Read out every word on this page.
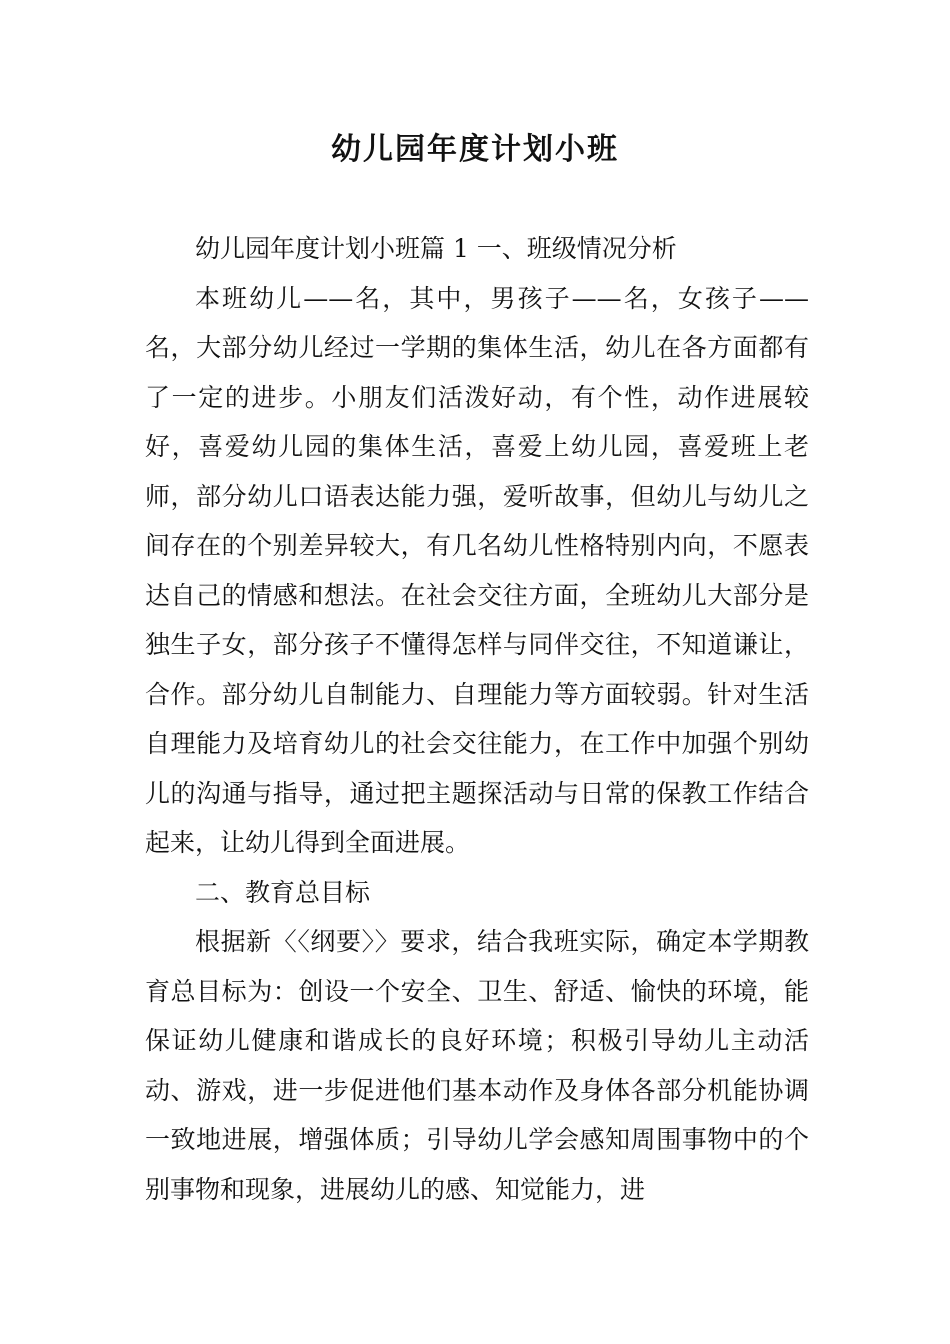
幼儿园年度计划小班

幼儿园年度计划小班篇 1 一、班级情况分析

本班幼儿——名，其中，男孩子——名，女孩子——名，大部分幼儿经过一学期的集体生活，幼儿在各方面都有了一定的进步。小朋友们活泼好动，有个性，动作进展较好，喜爱幼儿园的集体生活，喜爱上幼儿园，喜爱班上老师，部分幼儿口语表达能力强，爱听故事，但幼儿与幼儿之间存在的个别差异较大，有几名幼儿性格特别内向，不愿表达自己的情感和想法。在社会交往方面，全班幼儿大部分是独生子女，部分孩子不懂得怎样与同伴交往，不知道谦让，合作。部分幼儿自制能力、自理能力等方面较弱。针对生活自理能力及培育幼儿的社会交往能力，在工作中加强个别幼儿的沟通与指导，通过把主题探活动与日常的保教工作结合起来，让幼儿得到全面进展。

二、教育总目标

根据新〈〈纲要〉〉要求，结合我班实际，确定本学期教育总目标为：创设一个安全、卫生、舒适、愉快的环境，能保证幼儿健康和谐成长的良好环境；积极引导幼儿主动活动、游戏，进一步促进他们基本动作及身体各部分机能协调一致地进展，增强体质；引导幼儿学会感知周围事物中的个别事物和现象，进展幼儿的感、知觉能力，进
